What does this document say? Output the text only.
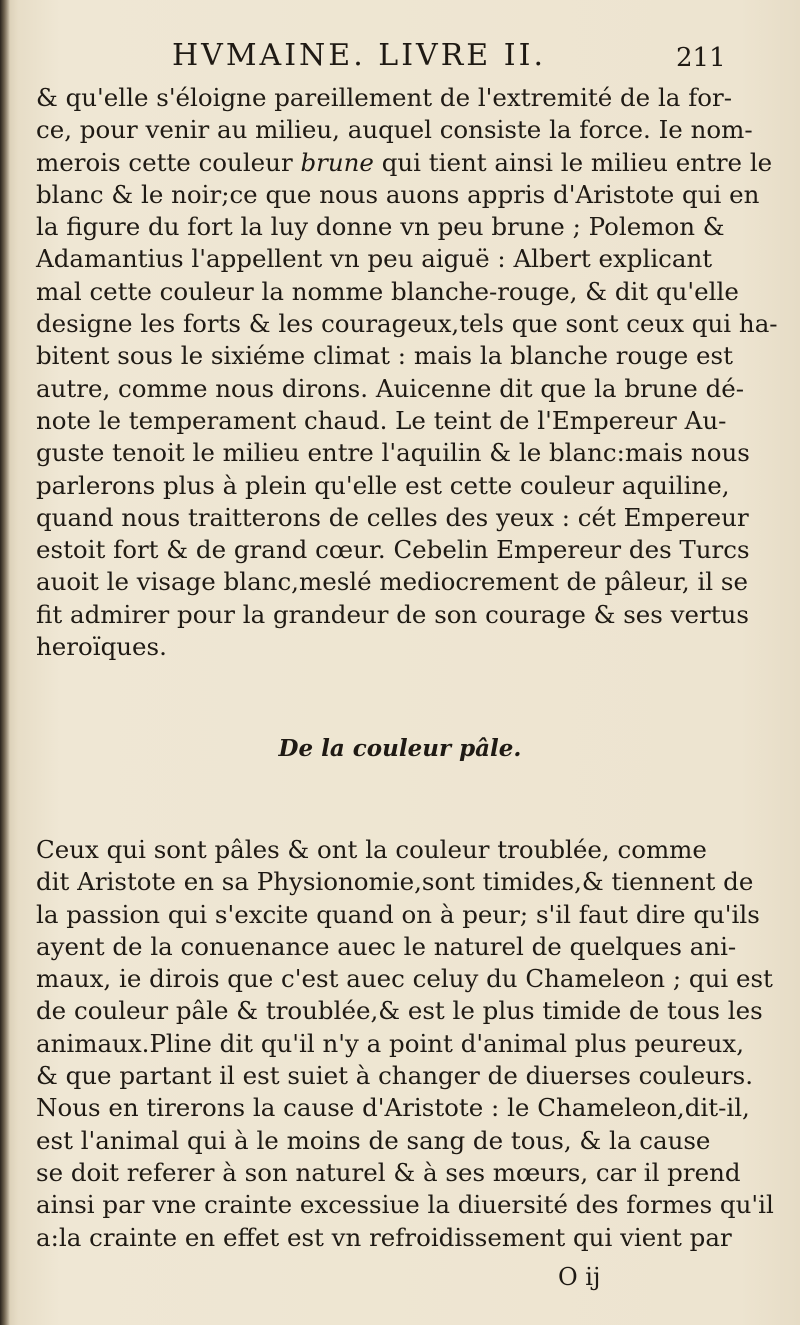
HVMAINE. LIVRE II.	211
& qu'elle s'éloigne pareillement de l'extremité de la for-
ce, pour venir au milieu, auquel consiste la force. Ie nom-
merois cette couleur brune qui tient ainsi le milieu entre le
blanc & le noir;ce que nous auons appris d'Aristote qui en
la figure du fort la luy donne vn peu brune ; Polemon &
Adamantius l'appellent vn peu aiguë : Albert explicant
mal cette couleur la nomme blanche-rouge, & dit qu'elle
designe les forts & les courageux,tels que sont ceux qui ha-
bitent sous le sixiéme climat : mais la blanche rouge est
autre, comme nous dirons. Auicenne dit que la brune dé-
note le temperament chaud. Le teint de l'Empereur Au-
guste tenoit le milieu entre l'aquilin & le blanc:mais nous
parlerons plus à plein qu'elle est cette couleur aquiline,
quand nous traitterons de celles des yeux : cét Empereur
estoit fort & de grand cœur. Cebelin Empereur des Turcs
auoit le visage blanc,meslé mediocrement de pâleur, il se
fit admirer pour la grandeur de son courage & ses vertus
heroïques.
De la couleur pâle.
Ceux qui sont pâles & ont la couleur troublée, comme
dit Aristote en sa Physionomie,sont timides,& tiennent de
la passion qui s'excite quand on à peur; s'il faut dire qu'ils
ayent de la conuenance auec le naturel de quelques ani-
maux, ie dirois que c'est auec celuy du Chameleon ; qui est
de couleur pâle & troublée,& est le plus timide de tous les
animaux.Pline dit qu'il n'y a point d'animal plus peureux,
& que partant il est suiet à changer de diuerses couleurs.
Nous en tirerons la cause d'Aristote : le Chameleon,dit-il,
est l'animal qui à le moins de sang de tous, & la cause
se doit referer à son naturel & à ses mœurs, car il prend
ainsi par vne crainte excessiue la diuersité des formes qu'il
a:la crainte en effet est vn refroidissement qui vient par
O ij
